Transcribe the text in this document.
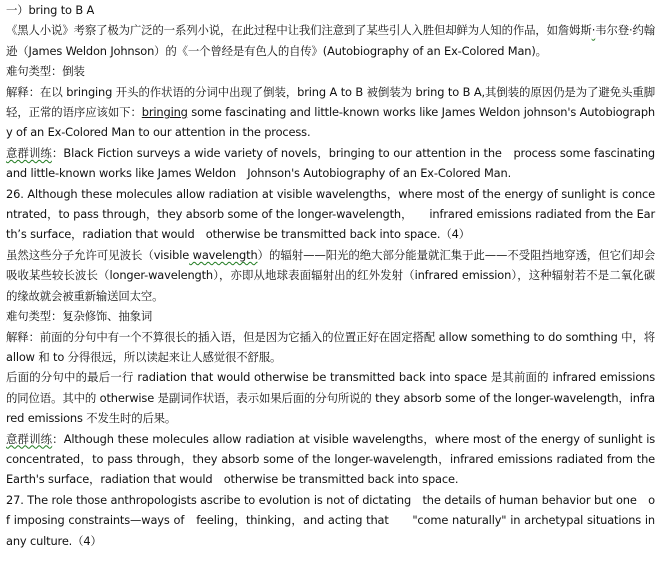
一）bring to B A

《黑人小说》考察了极为广泛的一系列小说，在此过程中让我们注意到了某些引人入胜但却鲜为人知的作品，如詹姆斯·韦尔登·约翰逊（James Weldon Johnson）的《一个曾经是有色人的自传》(Autobiography of an Ex-Colored Man)。

难句类型：倒装

解释：在以 bringing 开头的作状语的分词中出现了倒装，bring A to B 被倒装为 bring to B A,其倒装的原因仍是为了避免头重脚轻，正常的语序应该如下：bringing some fascinating and little-known works like James Weldon johnson's Autobiography of an Ex-Colored Man to our attention in the process.

意群训练：Black Fiction surveys a wide variety of novels，bringing to our attention in the　process some fascinating and little-known works like James Weldon　Johnson's Autobiography of an Ex-Colored Man.

26. Although these molecules allow radiation at visible wavelengths，where most of the energy of sunlight is concentrated，to pass through，they absorb some of the longer-wavelength，　　infrared emissions radiated from the Earth’s surface，radiation that would　otherwise be transmitted back into space.（4）

虽然这些分子允许可见波长（visible wavelength）的辐射——阳光的绝大部分能量就汇集于此——不受阻挡地穿透，但它们却会吸收某些较长波长（longer-wavelength），亦即从地球表面辐射出的红外发射（infrared emission），这种辐射若不是二氧化碳的缘故就会被重新输送回太空。

难句类型：复杂修饰、抽象词

解释：前面的分句中有一个不算很长的插入语，但是因为它插入的位置正好在固定搭配 allow something to do somthing 中，将 allow 和 to 分得很远，所以读起来让人感觉很不舒服。

后面的分句中的最后一行 radiation that would otherwise be transmitted back into space 是其前面的 infrared emissions 的同位语。其中的 otherwise 是副词作状语，表示如果后面的分句所说的 they absorb some of the longer-wavelength，infrared emissions 不发生时的后果。

意群训练：Although these molecules allow radiation at visible wavelengths，where most of the energy of sunlight is concentrated，to pass through，they absorb some of the longer-wavelength，infrared emissions radiated from the Earth's surface，radiation that would　otherwise be transmitted back into space.

27. The role those anthropologists ascribe to evolution is not of dictating　the details of human behavior but one　of imposing constraints—ways of　feeling，thinking，and acting that　　"come naturally" in archetypal situations in any culture.（4）
